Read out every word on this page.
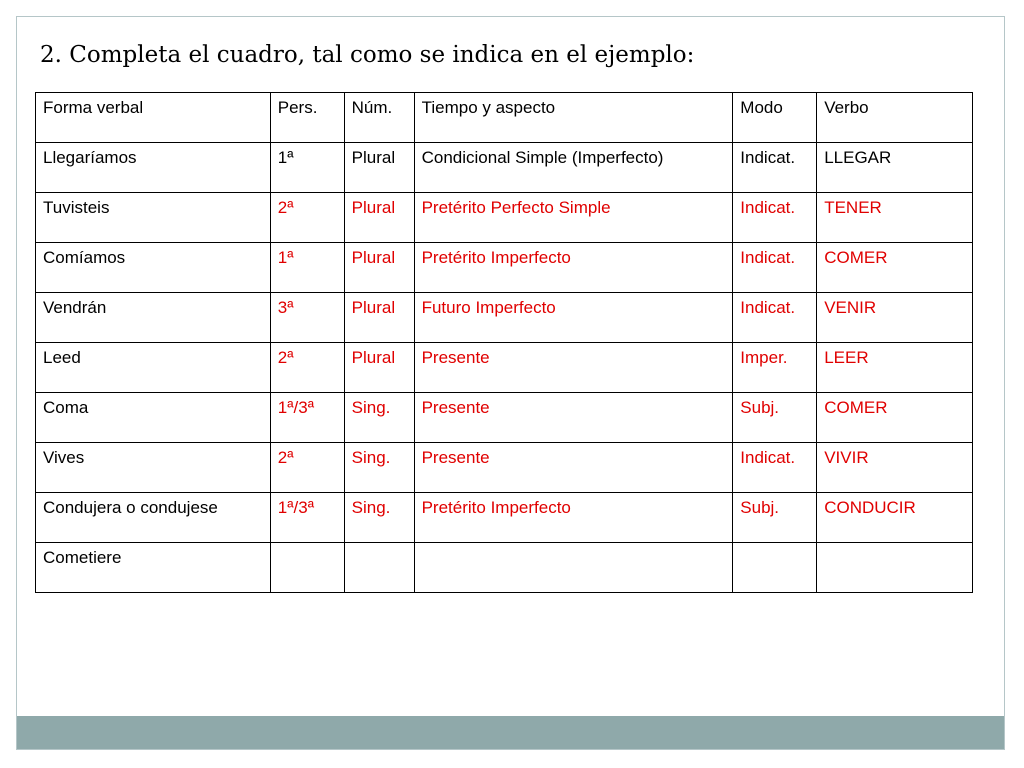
2. Completa el cuadro, tal como se indica en el ejemplo:
Forma verbal	Pers.	Núm.	Tiempo y aspecto	Modo	Verbo
Llegaríamos	1ª	Plural	Condicional Simple (Imperfecto)	Indicat.	LLEGAR
Tuvisteis	2ª	Plural	Pretérito Perfecto Simple	Indicat.	TENER
Comíamos	1ª	Plural	Pretérito Imperfecto	Indicat.	COMER
Vendrán	3ª	Plural	Futuro Imperfecto	Indicat.	VENIR
Leed	2ª	Plural	Presente	Imper.	LEER
Coma	1ª/3ª	Sing.	Presente	Subj.	COMER
Vives	2ª	Sing.	Presente	Indicat.	VIVIR
Condujera o condujese	1ª/3ª	Sing.	Pretérito Imperfecto	Subj.	CONDUCIR
Cometiere					
